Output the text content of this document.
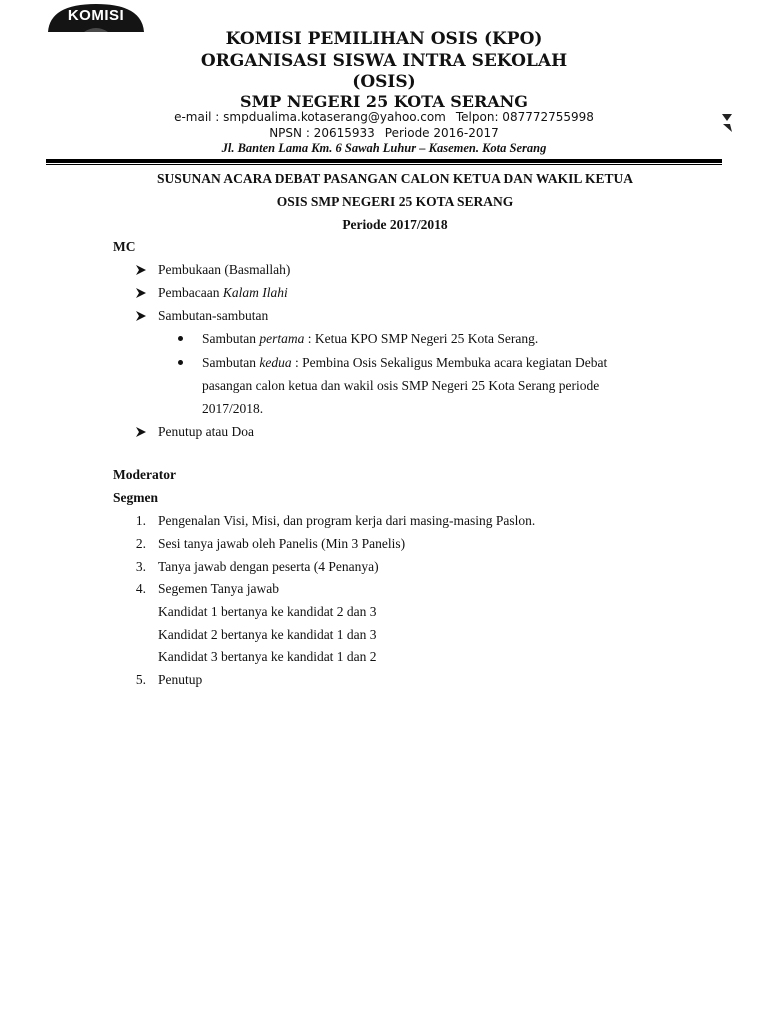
KOMISI
KOMISI PEMILIHAN OSIS (KPO)
ORGANISASI SISWA INTRA SEKOLAH
(OSIS)
SMP NEGERI 25 KOTA SERANG
e-mail : smpdualima.kotaserang@yahoo.com Telpon: 087772755998
NPSN : 20615933 Periode 2016-2017
Jl. Banten Lama Km. 6 Sawah Luhur – Kasemen. Kota Serang
SUSUNAN ACARA DEBAT PASANGAN CALON KETUA DAN WAKIL KETUA
OSIS SMP NEGERI 25 KOTA SERANG
Periode 2017/2018
MC
Pembukaan (Basmallah)
Pembacaan Kalam Ilahi
Sambutan-sambutan
Sambutan pertama : Ketua KPO SMP Negeri 25 Kota Serang.
Sambutan kedua : Pembina Osis Sekaligus Membuka acara kegiatan Debat
pasangan calon ketua dan wakil osis SMP Negeri 25 Kota Serang periode
2017/2018.
Penutup atau Doa
Moderator
Segmen
1. Pengenalan Visi, Misi, dan program kerja dari masing-masing Paslon.
2. Sesi tanya jawab oleh Panelis (Min 3 Panelis)
3. Tanya jawab dengan peserta (4 Penanya)
4. Segemen Tanya jawab
Kandidat 1 bertanya ke kandidat 2 dan 3
Kandidat 2 bertanya ke kandidat 1 dan 3
Kandidat 3 bertanya ke kandidat 1 dan 2
5. Penutup
